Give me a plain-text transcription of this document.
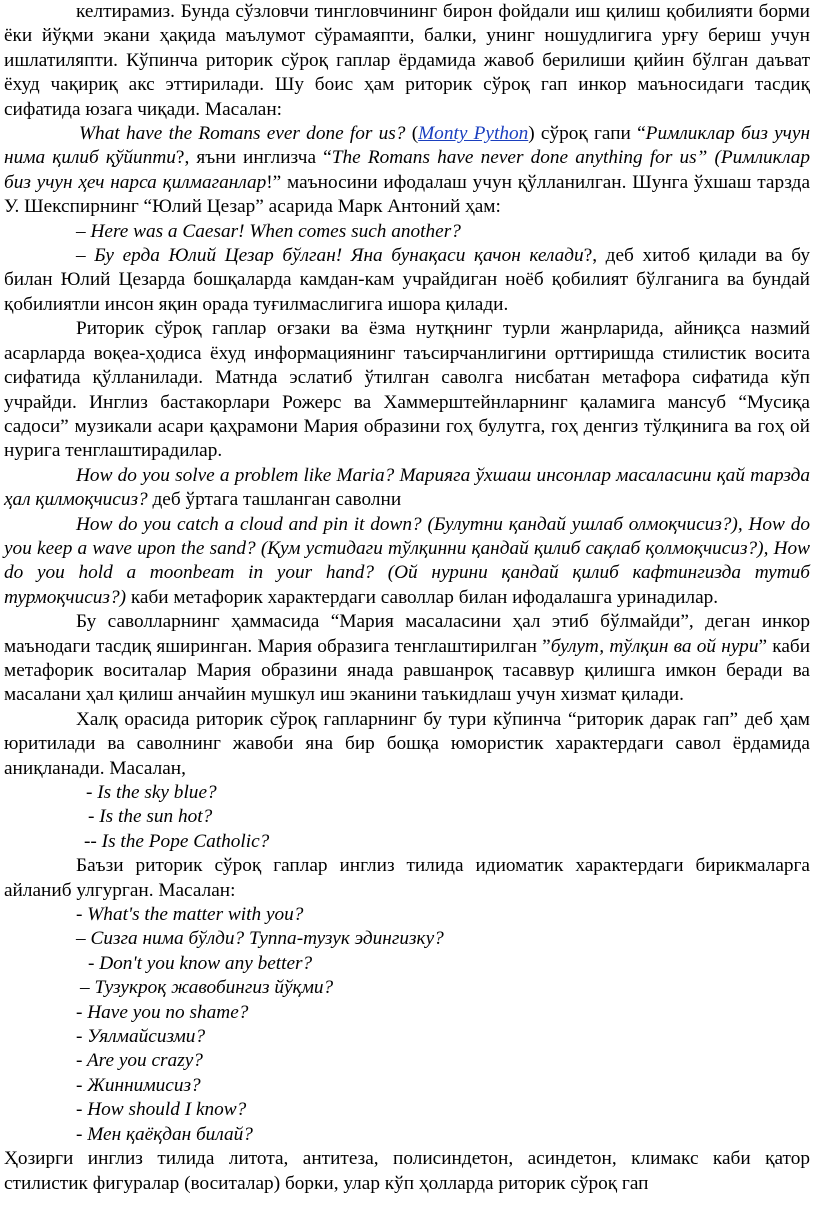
келтирамиз. Бунда сўзловчи тингловчининг бирон фойдали иш қилиш қобилияти борми ёки йўқми экани ҳақида маълумот сўрамаяпти, балки, унинг ношудлигига урғу бериш учун ишлатиляпти. Кўпинча риторик сўроқ гаплар ёрдамида жавоб берилиши қийин бўлган даъват ёхуд чақириқ акс эттирилади. Шу боис ҳам риторик сўроқ гап инкор маъносидаги тасдиқ сифатида юзага чиқади. Масалан:

What have the Romans ever done for us? (Monty Python) сўроқ гапи “Римликлар биз учун нима қилиб қўйипти?, яъни инглизча “The Romans have never done anything for us” (Римликлар биз учун ҳеч нарса қилмаганлар!” маъносини ифодалаш учун қўлланилган. Шунга ўхшаш тарзда У. Шекспирнинг “Юлий Цезар” асарида Марк Антоний ҳам:

– Here was a Caesar! When comes such another?

– Бу ерда Юлий Цезар бўлган! Яна бунақаси қачон келади?, деб хитоб қилади ва бу билан Юлий Цезарда бошқаларда камдан-кам учрайдиган ноёб қобилият бўлганига ва бундай қобилиятли инсон яқин орада туғилмаслигига ишора қилади.

Риторик сўроқ гаплар оғзаки ва ёзма нутқнинг турли жанрларида, айниқса назмий асарларда воқеа-ҳодиса ёхуд информациянинг таъсирчанлигини орттиришда стилистик восита сифатида қўлланилади. Матнда эслатиб ўтилган саволга нисбатан метафора сифатида кўп учрайди. Инглиз бастакорлари Рожерс ва Хаммерштейнларнинг қаламига мансуб “Мусиқа садоси” музикали асари қаҳрамони Мария образини гоҳ булутга, гоҳ денгиз тўлқинига ва гоҳ ой нурига тенглаштирадилар.

How do you solve a problem like Maria? Марияга ўхшаш инсонлар масаласини қай тарзда ҳал қилмоқчисиз? деб ўртага ташланган саволни

How do you catch a cloud and pin it down? (Булутни қандай ушлаб олмоқчисиз?), How do you keep a wave upon the sand? (Қум устидаги тўлқинни қандай қилиб сақлаб қолмоқчисиз?), How do you hold a moonbeam in your hand? (Ой нурини қандай қилиб кафтингизда тутиб турмоқчисиз?) каби метафорик характердаги саволлар билан ифодалашга уринадилар.

Бу саволларнинг ҳаммасида “Мария масаласини ҳал этиб бўлмайди”, деган инкор маънодаги тасдиқ яширинган. Мария образига тенглаштирилган ”булут, тўлқин ва ой нури” каби метафорик воситалар Мария образини янада равшанроқ тасаввур қилишга имкон беради ва масалани ҳал қилиш анчайин мушкул иш эканини таъкидлаш учун хизмат қилади.

Халқ орасида риторик сўроқ гапларнинг бу тури кўпинча “риторик дарак гап” деб ҳам юритилади ва саволнинг жавоби яна бир бошқа юмористик характердаги савол ёрдамида аниқланади. Масалан,

- Is the sky blue?

- Is the sun hot?

-- Is the Pope Catholic?

Баъзи риторик сўроқ гаплар инглиз тилида идиоматик характердаги бирикмаларга айланиб улгурган. Масалан:

- What's the matter with you?

– Сизга нима бўлди? Туппа-тузук эдингизку?

- Don't you know any better?

– Тузукроқ жавобингиз йўқми?

- Have you no shame?

- Уялмайсизми?

- Are you crazy?

- Жиннимисиз?

- How should I know?

- Мен қаёқдан билай?

Ҳозирги инглиз тилида литота, антитеза, полисиндетон, асиндетон, климакс каби қатор стилистик фигуралар (воситалар) борки, улар кўп ҳолларда риторик сўроқ гап
